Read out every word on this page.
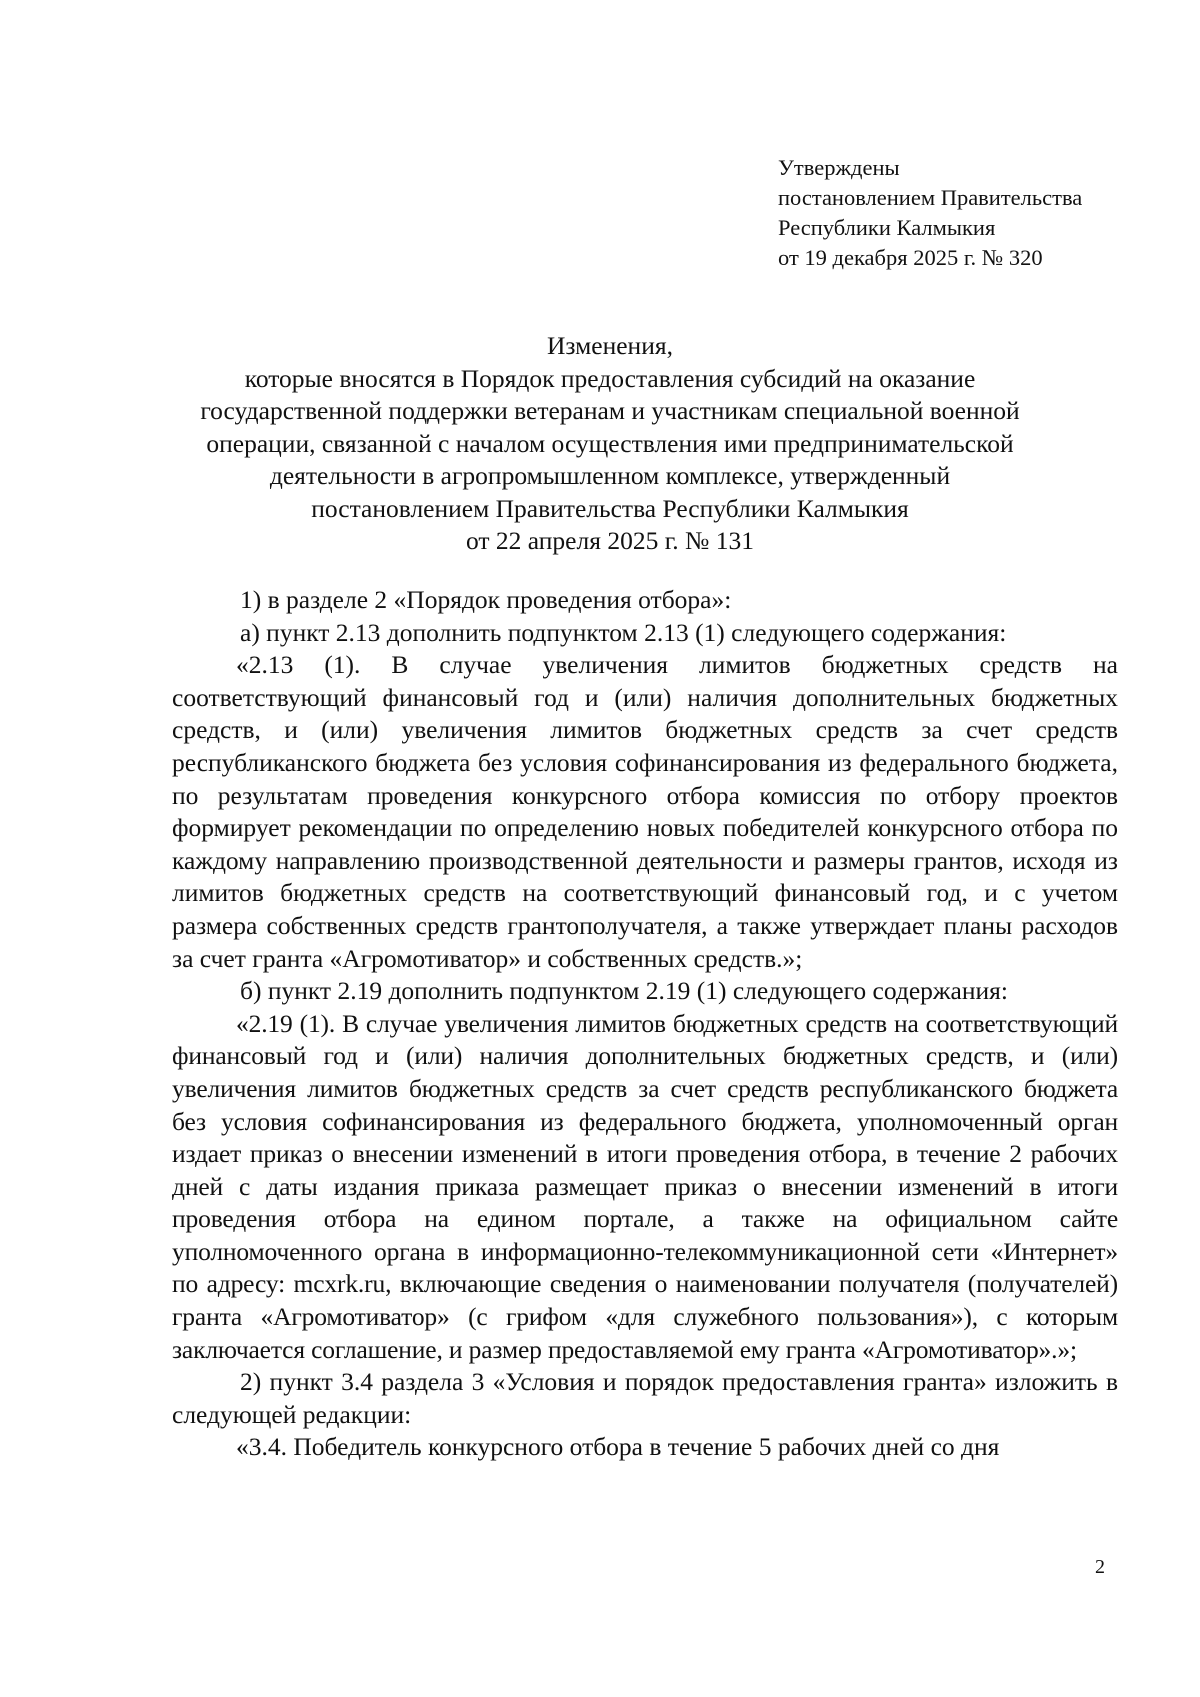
Утверждены
постановлением Правительства
Республики Калмыкия
от 19 декабря 2025 г. № 320
Изменения,
которые вносятся в Порядок предоставления субсидий на оказание
государственной поддержки ветеранам и участникам специальной военной
операции, связанной с началом осуществления ими предпринимательской
деятельности в агропромышленном комплексе, утвержденный
постановлением Правительства Республики Калмыкия
от 22 апреля 2025 г. № 131

1) в разделе 2 «Порядок проведения отбора»:

а) пункт 2.13 дополнить подпунктом 2.13 (1) следующего содержания:

«2.13 (1). В случае увеличения лимитов бюджетных средств на соответствующий финансовый год и (или) наличия дополнительных бюджетных средств, и (или) увеличения лимитов бюджетных средств за счет средств республиканского бюджета без условия софинансирования из федерального бюджета, по результатам проведения конкурсного отбора комиссия по отбору проектов формирует рекомендации по определению новых победителей конкурсного отбора по каждому направлению производственной деятельности и размеры грантов, исходя из лимитов бюджетных средств на соответствующий финансовый год, и с учетом размера собственных средств грантополучателя, а также утверждает планы расходов за счет гранта «Агромотиватор» и собственных средств.»;

б) пункт 2.19 дополнить подпунктом 2.19 (1) следующего содержания:

«2.19 (1). В случае увеличения лимитов бюджетных средств на соответствующий финансовый год и (или) наличия дополнительных бюджетных средств, и (или) увеличения лимитов бюджетных средств за счет средств республиканского бюджета без условия софинансирования из федерального бюджета, уполномоченный орган издает приказ о внесении изменений в итоги проведения отбора, в течение 2 рабочих дней с даты издания приказа размещает приказ о внесении изменений в итоги проведения отбора на едином портале, а также на официальном сайте уполномоченного органа в информационно-телекоммуникационной сети «Интернет» по адресу: mcxrk.ru, включающие сведения о наименовании получателя (получателей) гранта «Агромотиватор» (с грифом «для служебного пользования»), с которым заключается соглашение, и размер предоставляемой ему гранта «Агромотиватор».»;

2) пункт 3.4 раздела 3 «Условия и порядок предоставления гранта» изложить в следующей редакции:

«3.4. Победитель конкурсного отбора в течение 5 рабочих дней со дня

2
